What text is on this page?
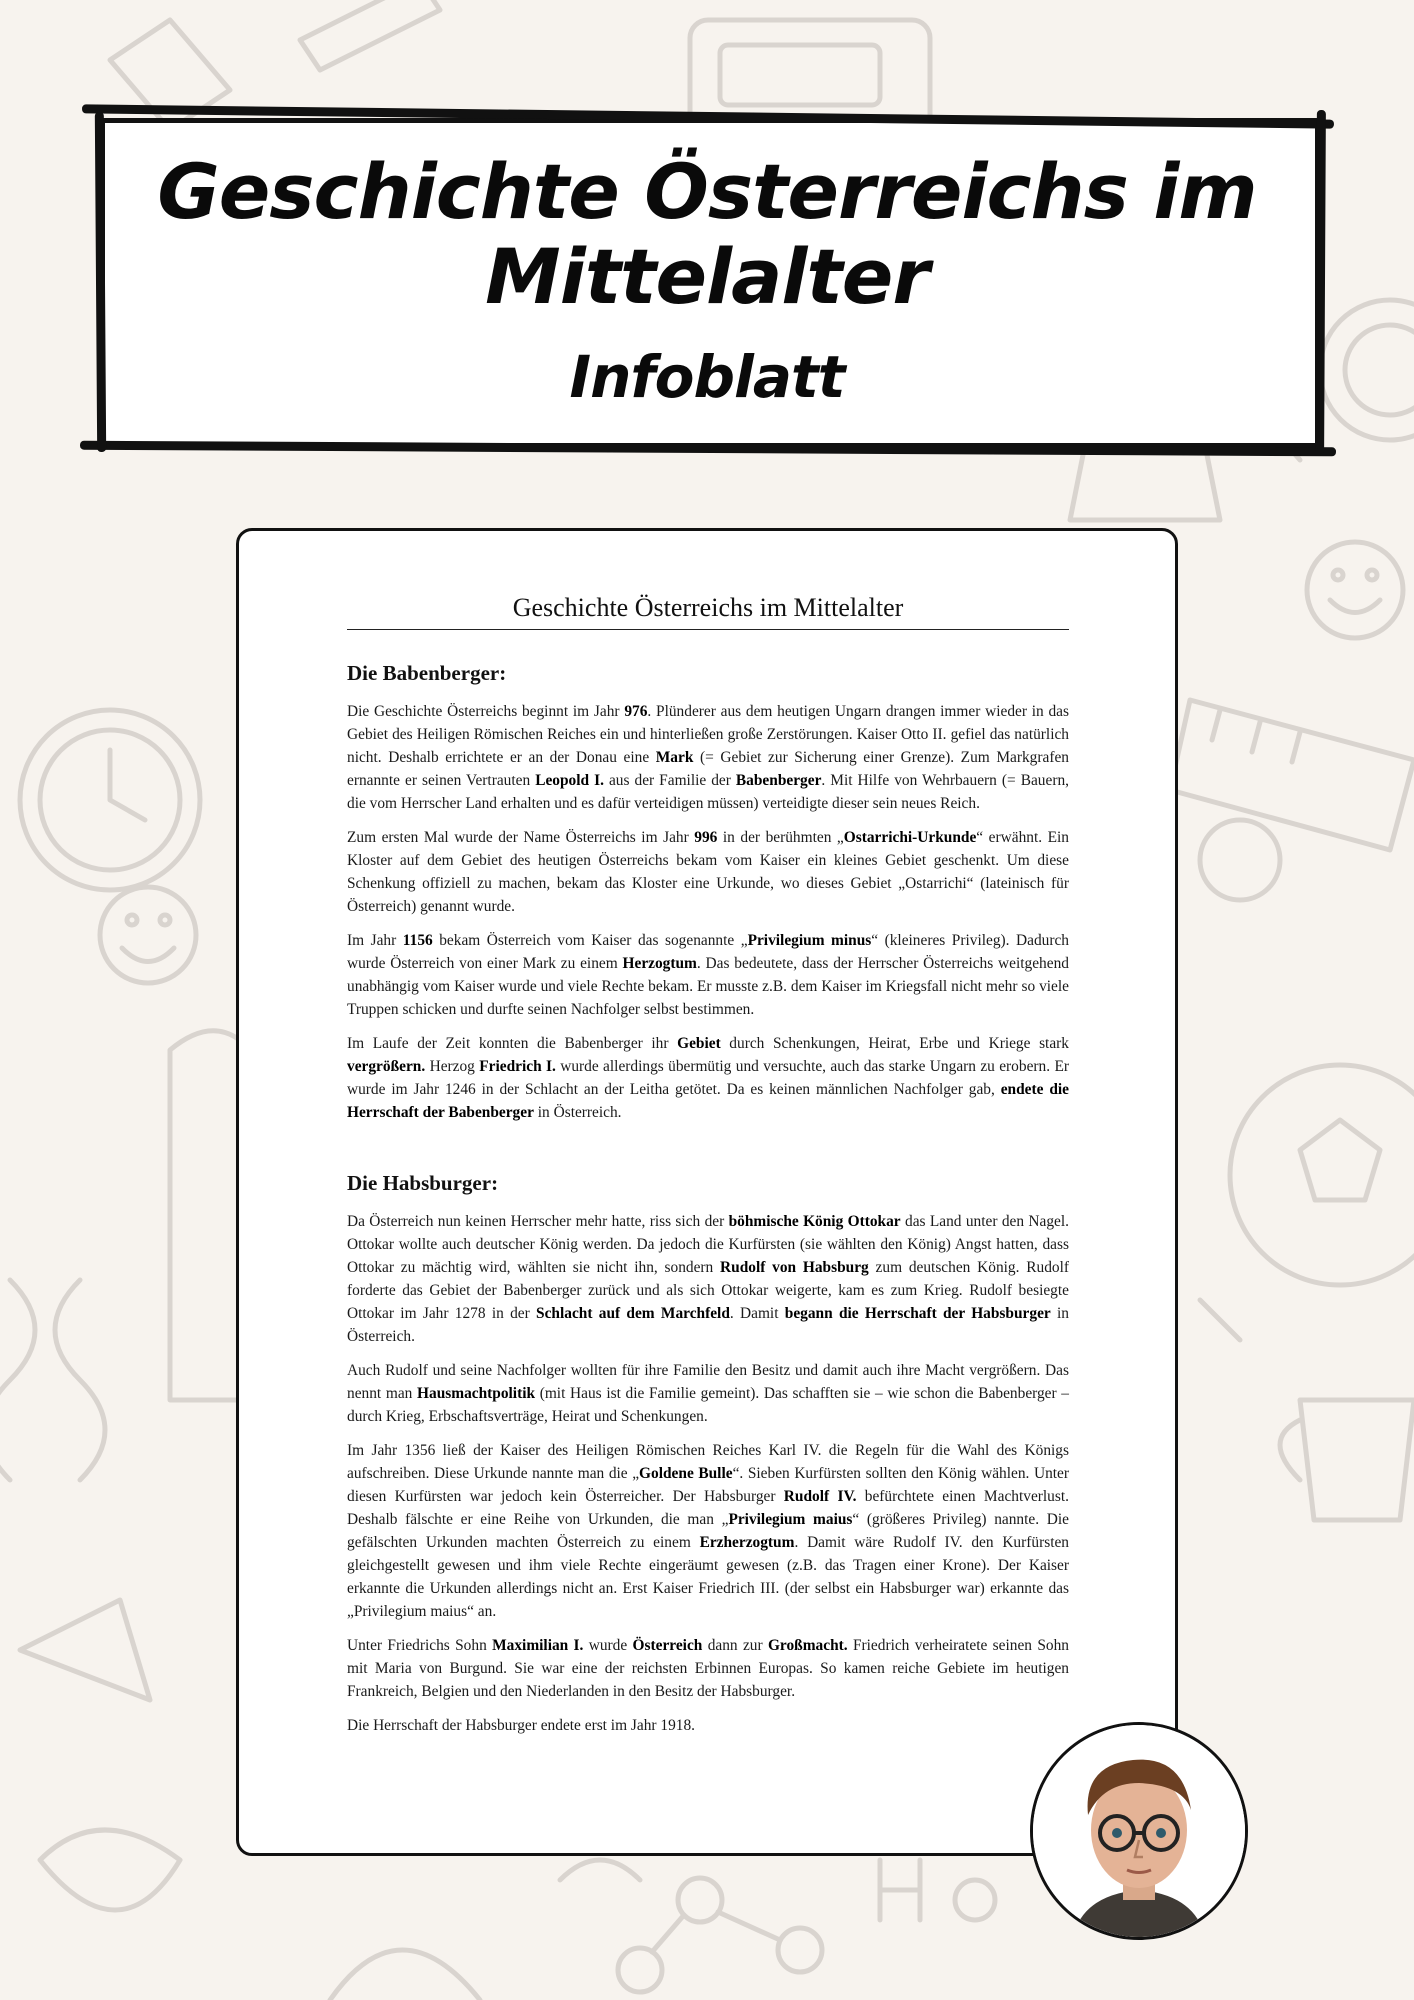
Geschichte Österreichs im
Mittelalter
Infoblatt
Geschichte Österreichs im Mittelalter
Die Babenberger:

Die Geschichte Österreichs beginnt im Jahr 976. Plünderer aus dem heutigen Ungarn drangen immer wieder in das Gebiet des Heiligen Römischen Reiches ein und hinterließen große Zerstörungen. Kaiser Otto II. gefiel das natürlich nicht. Deshalb errichtete er an der Donau eine Mark (= Gebiet zur Sicherung einer Grenze). Zum Markgrafen ernannte er seinen Vertrauten Leopold I. aus der Familie der Babenberger. Mit Hilfe von Wehrbauern (= Bauern, die vom Herrscher Land erhalten und es dafür verteidigen müssen) verteidigte dieser sein neues Reich.

Zum ersten Mal wurde der Name Österreichs im Jahr 996 in der berühmten „Ostarrichi-Urkunde“ erwähnt. Ein Kloster auf dem Gebiet des heutigen Österreichs bekam vom Kaiser ein kleines Gebiet geschenkt. Um diese Schenkung offiziell zu machen, bekam das Kloster eine Urkunde, wo dieses Gebiet „Ostarrichi“ (lateinisch für Österreich) genannt wurde.

Im Jahr 1156 bekam Österreich vom Kaiser das sogenannte „Privilegium minus“ (kleineres Privileg). Dadurch wurde Österreich von einer Mark zu einem Herzogtum. Das bedeutete, dass der Herrscher Österreichs weitgehend unabhängig vom Kaiser wurde und viele Rechte bekam. Er musste z.B. dem Kaiser im Kriegsfall nicht mehr so viele Truppen schicken und durfte seinen Nachfolger selbst bestimmen.

Im Laufe der Zeit konnten die Babenberger ihr Gebiet durch Schenkungen, Heirat, Erbe und Kriege stark vergrößern. Herzog Friedrich I. wurde allerdings übermütig und versuchte, auch das starke Ungarn zu erobern. Er wurde im Jahr 1246 in der Schlacht an der Leitha getötet. Da es keinen männlichen Nachfolger gab, endete die Herrschaft der Babenberger in Österreich.

Die Habsburger:

Da Österreich nun keinen Herrscher mehr hatte, riss sich der böhmische König Ottokar das Land unter den Nagel. Ottokar wollte auch deutscher König werden. Da jedoch die Kurfürsten (sie wählten den König) Angst hatten, dass Ottokar zu mächtig wird, wählten sie nicht ihn, sondern Rudolf von Habsburg zum deutschen König. Rudolf forderte das Gebiet der Babenberger zurück und als sich Ottokar weigerte, kam es zum Krieg. Rudolf besiegte Ottokar im Jahr 1278 in der Schlacht auf dem Marchfeld. Damit begann die Herrschaft der Habsburger in Österreich.

Auch Rudolf und seine Nachfolger wollten für ihre Familie den Besitz und damit auch ihre Macht vergrößern. Das nennt man Hausmachtpolitik (mit Haus ist die Familie gemeint). Das schafften sie – wie schon die Babenberger – durch Krieg, Erbschaftsverträge, Heirat und Schenkungen.

Im Jahr 1356 ließ der Kaiser des Heiligen Römischen Reiches Karl IV. die Regeln für die Wahl des Königs aufschreiben. Diese Urkunde nannte man die „Goldene Bulle“. Sieben Kurfürsten sollten den König wählen. Unter diesen Kurfürsten war jedoch kein Österreicher. Der Habsburger Rudolf IV. befürchtete einen Machtverlust. Deshalb fälschte er eine Reihe von Urkunden, die man „Privilegium maius“ (größeres Privileg) nannte. Die gefälschten Urkunden machten Österreich zu einem Erzherzogtum. Damit wäre Rudolf IV. den Kurfürsten gleichgestellt gewesen und ihm viele Rechte eingeräumt gewesen (z.B. das Tragen einer Krone). Der Kaiser erkannte die Urkunden allerdings nicht an. Erst Kaiser Friedrich III. (der selbst ein Habsburger war) erkannte das „Privilegium maius“ an.

Unter Friedrichs Sohn Maximilian I. wurde Österreich dann zur Großmacht. Friedrich verheiratete seinen Sohn mit Maria von Burgund. Sie war eine der reichsten Erbinnen Europas. So kamen reiche Gebiete im heutigen Frankreich, Belgien und den Niederlanden in den Besitz der Habsburger.

Die Herrschaft der Habsburger endete erst im Jahr 1918.
